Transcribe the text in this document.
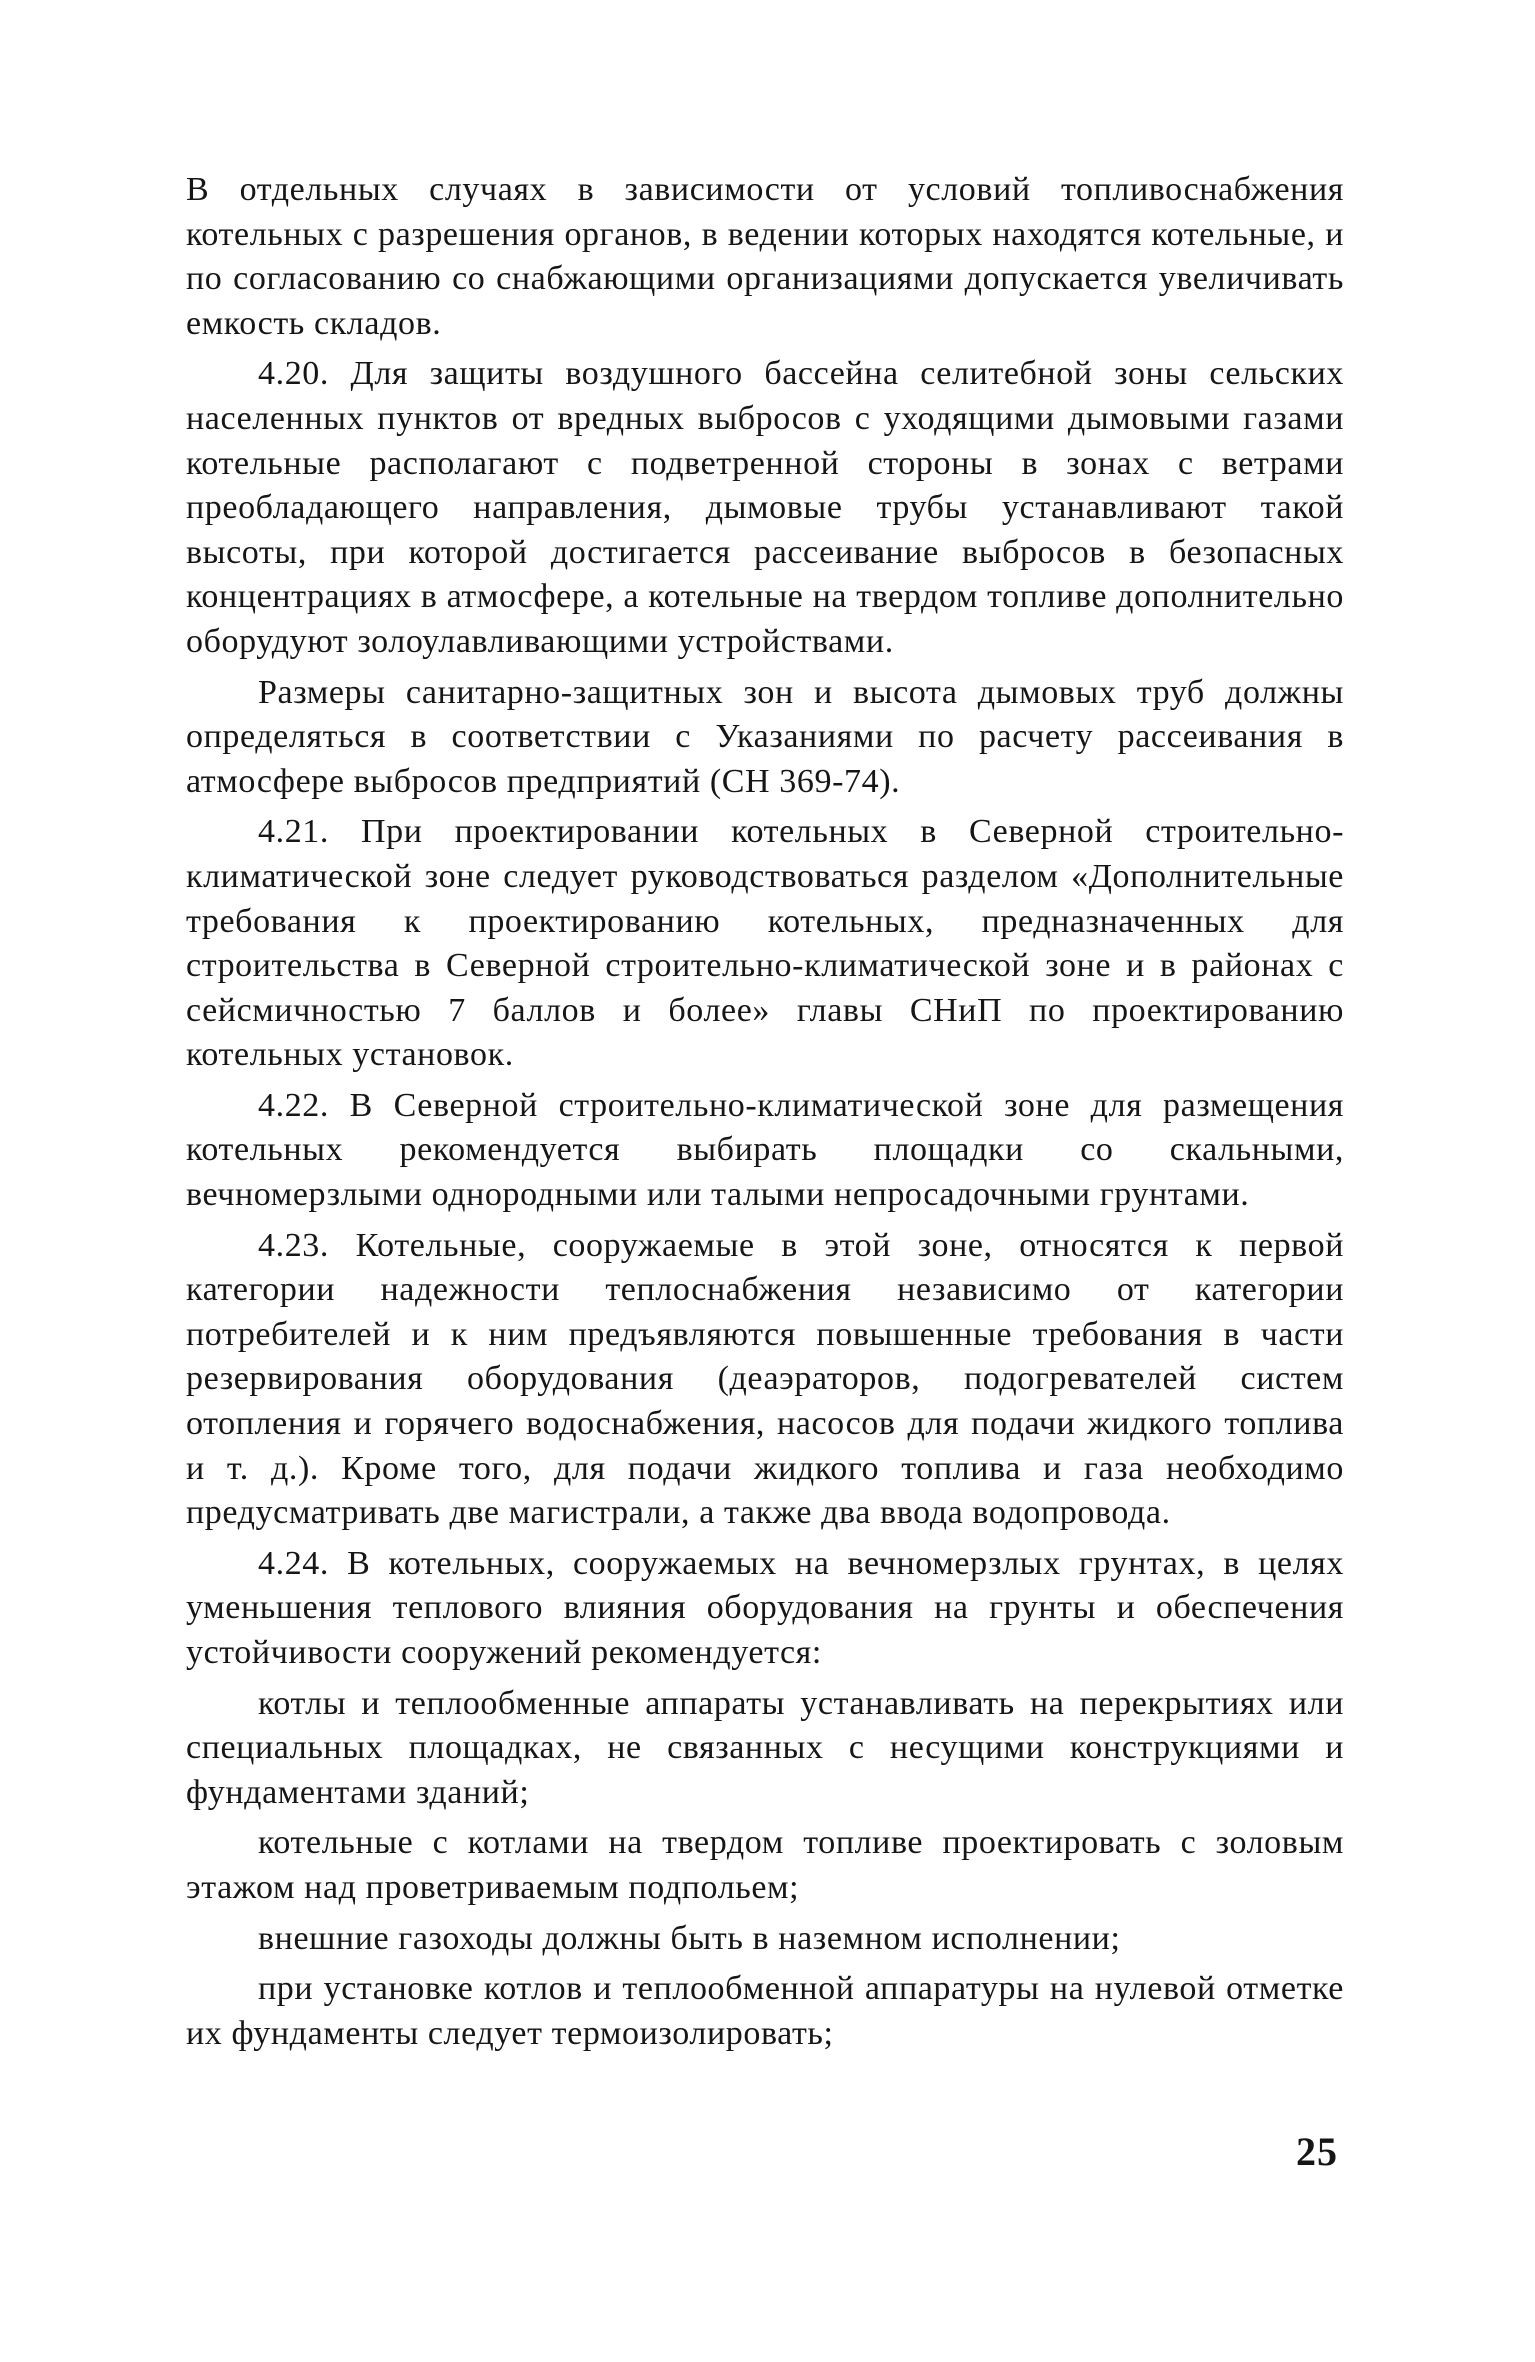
В отдельных случаях в зависимости от условий топливоснабжения котельных с разрешения органов, в ведении которых находятся котельные, и по согласованию со снабжающими организациями допускается увеличивать емкость складов.

4.20. Для защиты воздушного бассейна селитебной зоны сельских населенных пунктов от вредных выбросов с уходящими дымовыми газами котельные располагают с подветренной стороны в зонах с ветрами преобладающего направления, дымовые трубы устанавливают такой высоты, при которой достигается рассеивание выбросов в безопасных концентрациях в атмосфере, а котельные на твердом топливе дополнительно оборудуют золоулавливающими устройствами.

Размеры санитарно-защитных зон и высота дымовых труб должны определяться в соответствии с Указаниями по расчету рассеивания в атмосфере выбросов предприятий (СН 369-74).

4.21. При проектировании котельных в Северной строительно-климатической зоне следует руководствоваться разделом «Дополнительные требования к проектированию котельных, предназначенных для строительства в Северной строительно-климатической зоне и в районах с сейсмичностью 7 баллов и более» главы СНиП по проектированию котельных установок.

4.22. В Северной строительно-климатической зоне для размещения котельных рекомендуется выбирать площадки со скальными, вечномерзлыми однородными или талыми непросадочными грунтами.

4.23. Котельные, сооружаемые в этой зоне, относятся к первой категории надежности теплоснабжения независимо от категории потребителей и к ним предъявляются повышенные требования в части резервирования оборудования (деаэраторов, подогревателей систем отопления и горячего водоснабжения, насосов для подачи жидкого топлива и т. д.). Кроме того, для подачи жидкого топлива и газа необходимо предусматривать две магистрали, а также два ввода водопровода.

4.24. В котельных, сооружаемых на вечномерзлых грунтах, в целях уменьшения теплового влияния оборудования на грунты и обеспечения устойчивости сооружений рекомендуется:

котлы и теплообменные аппараты устанавливать на перекрытиях или специальных площадках, не связанных с несущими конструкциями и фундаментами зданий;

котельные с котлами на твердом топливе проектировать с золовым этажом над проветриваемым подпольем;

внешние газоходы должны быть в наземном исполнении;

при установке котлов и теплообменной аппаратуры на нулевой отметке их фундаменты следует термоизолировать;

25
